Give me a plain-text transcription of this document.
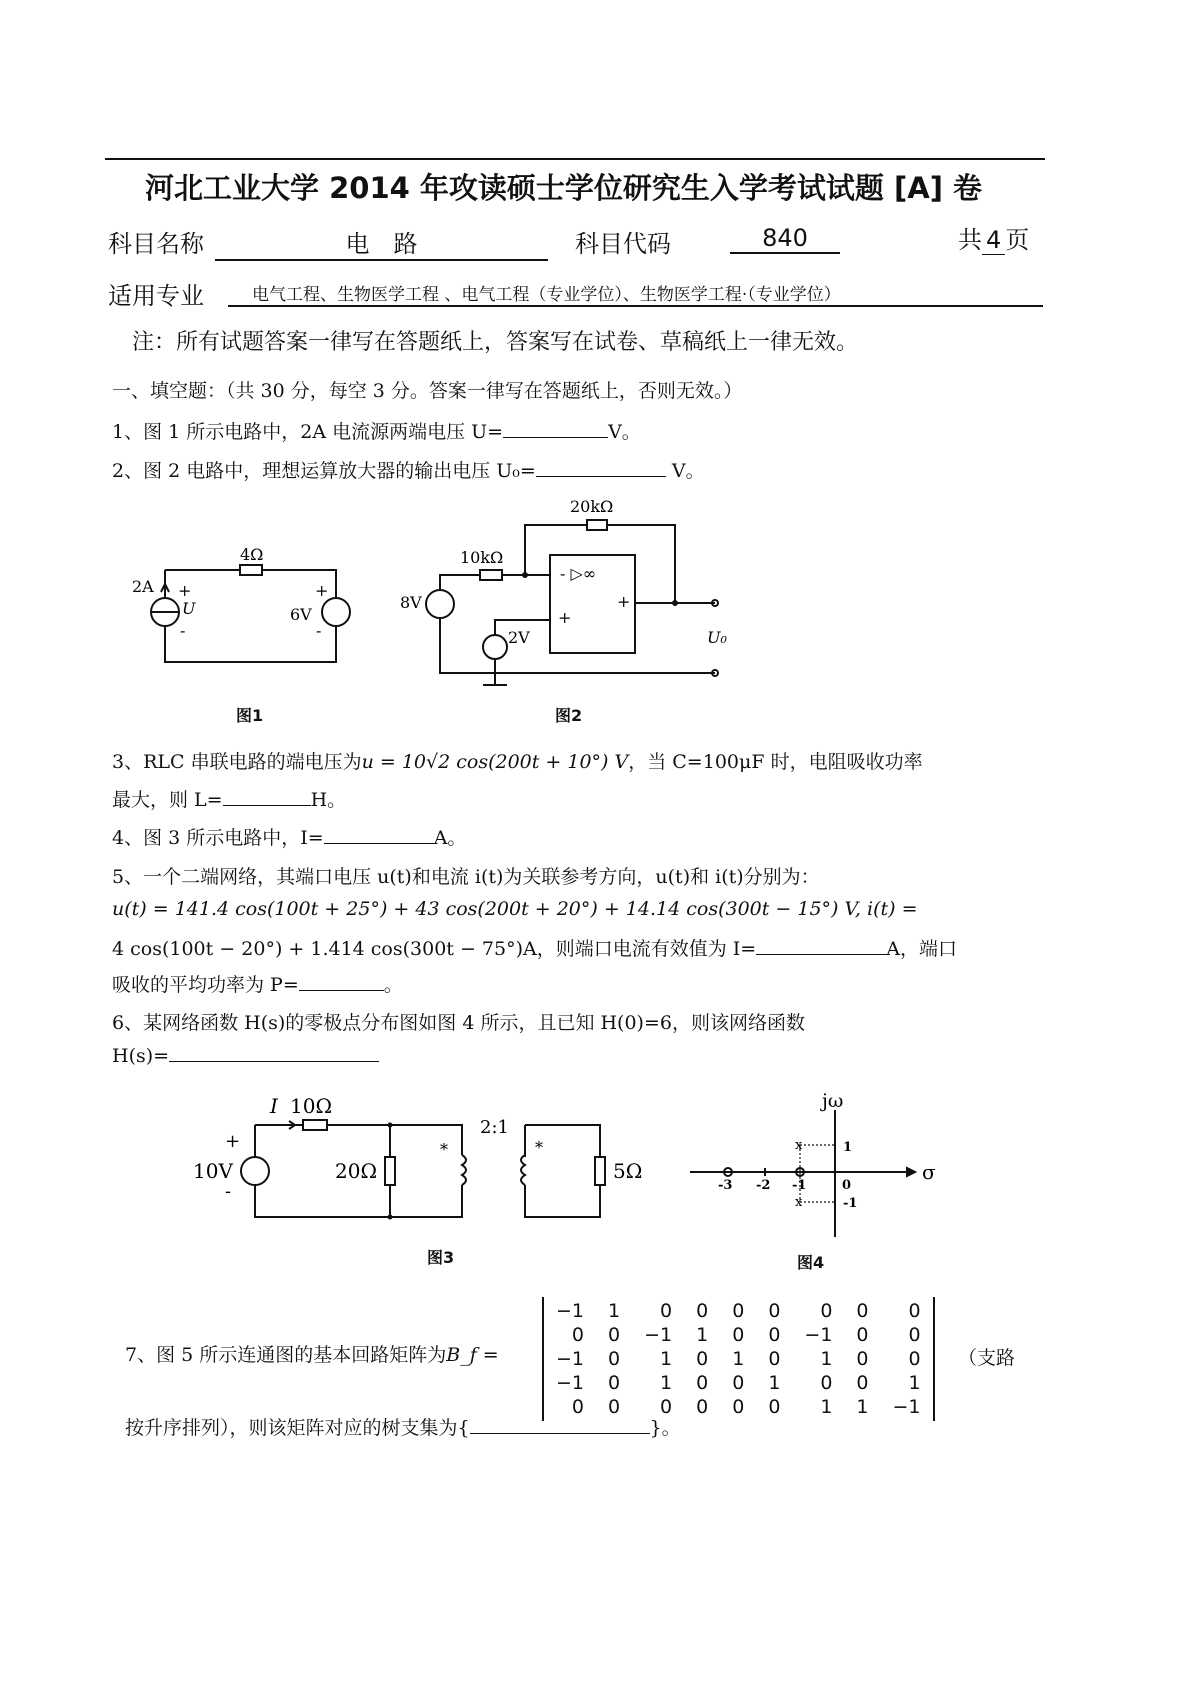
河北工业大学 2014 年攻读硕士学位研究生入学考试试题 [A] 卷
科目名称	电　路	科目代码	840	共 4 页
适用专业	电气工程、生物医学工程 、电气工程（专业学位）、生物医学工程·（专业学位）
注：所有试题答案一律写在答题纸上，答案写在试卷、草稿纸上一律无效。
一、填空题：（共 30 分，每空 3 分。答案一律写在答题纸上，否则无效。）
1、图 1 所示电路中，2A 电流源两端电压 U=	V。
2、图 2 电路中，理想运算放大器的输出电压 U₀=	V。
4Ω
2A
U	6V
+
-
+
-
图1
20kΩ
10kΩ
8V
2V
- ▷∞
+
+
U₀
图2
3、RLC 串联电路的端电压为u = 10√2 cos(200t + 10°) V，当 C=100μF 时，电阻吸收功率
最大，则 L=	H。
4、图 3 所示电路中，I=	A。
5、一个二端网络，其端口电压 u(t)和电流 i(t)为关联参考方向，u(t)和 i(t)分别为：
u(t) = 141.4 cos(100t + 25°) + 43 cos(200t + 20°) + 14.14 cos(300t − 15°) V, i(t) =
4 cos(100t − 20°) + 1.414 cos(300t − 75°)A，则端口电流有效值为 I=	A，端口
吸收的平均功率为 P=	。
6、某网络函数 H(s)的零极点分布图如图 4 所示，且已知 H(0)=6，则该网络函数
H(s)=
I 10Ω
10V
+
-
20Ω
2:1
*	*
5Ω
图3
x
x
jω
σ
-3 -2 -1	0
1
-1
图4
7、图 5 所示连通图的基本回路矩阵为B_f =
−1	1	0	0	0	0	0	0	0
0	0	−1	1	0	0	−1	0	0
−1	0	1	0	1	0	1	0	0
−1	0	1	0	0	1	0	0	1
0	0	0	0	0	0	1	1	−1
（支路
按升序排列），则该矩阵对应的树支集为{	}。
